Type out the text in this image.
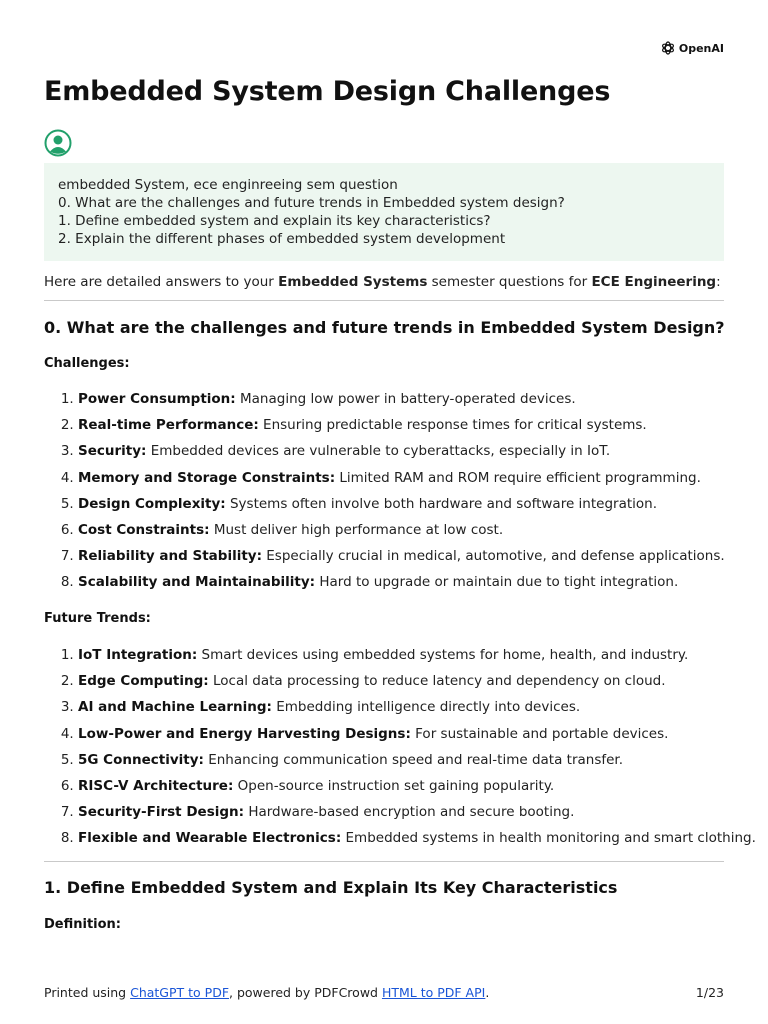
OpenAI
Embedded System Design Challenges
embedded System, ece enginreeing sem question
0. What are the challenges and future trends in Embedded system design?
1. Define embedded system and explain its key characteristics?
2. Explain the different phases of embedded system development

Here are detailed answers to your Embedded Systems semester questions for ECE Engineering:

0. What are the challenges and future trends in Embedded System Design?
Challenges:
1. Power Consumption: Managing low power in battery-operated devices.
2. Real-time Performance: Ensuring predictable response times for critical systems.
3. Security: Embedded devices are vulnerable to cyberattacks, especially in IoT.
4. Memory and Storage Constraints: Limited RAM and ROM require efficient programming.
5. Design Complexity: Systems often involve both hardware and software integration.
6. Cost Constraints: Must deliver high performance at low cost.
7. Reliability and Stability: Especially crucial in medical, automotive, and defense applications.
8. Scalability and Maintainability: Hard to upgrade or maintain due to tight integration.
Future Trends:
1. IoT Integration: Smart devices using embedded systems for home, health, and industry.
2. Edge Computing: Local data processing to reduce latency and dependency on cloud.
3. AI and Machine Learning: Embedding intelligence directly into devices.
4. Low-Power and Energy Harvesting Designs: For sustainable and portable devices.
5. 5G Connectivity: Enhancing communication speed and real-time data transfer.
6. RISC-V Architecture: Open-source instruction set gaining popularity.
7. Security-First Design: Hardware-based encryption and secure booting.
8. Flexible and Wearable Electronics: Embedded systems in health monitoring and smart clothing.
1. Define Embedded System and Explain Its Key Characteristics
Definition:
Printed using ChatGPT to PDF, powered by PDFCrowd HTML to PDF API.	1/23
